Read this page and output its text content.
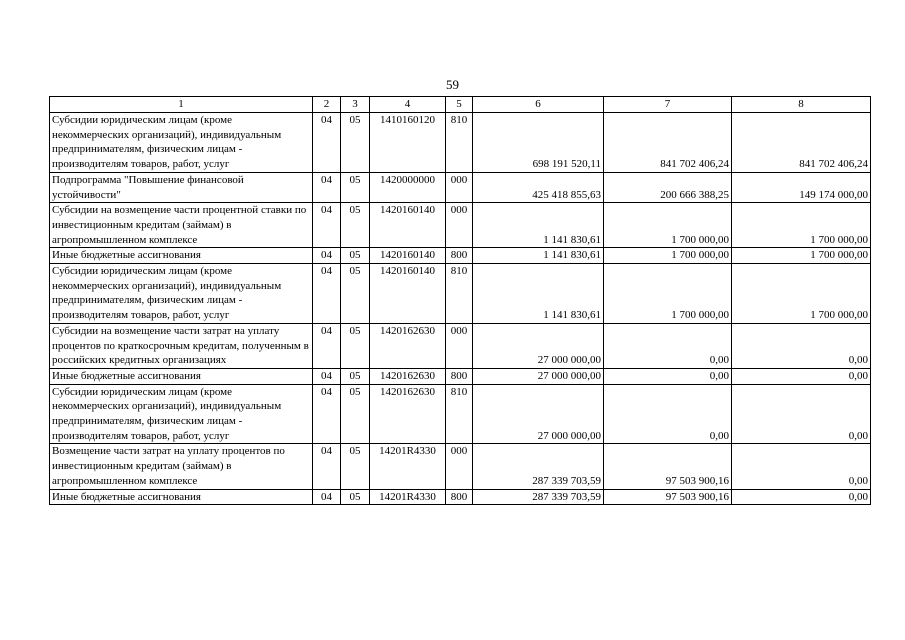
59
1	2	3	4	5	6	7	8
Субсидии юридическим лицам (кроме некоммерческих организаций), индивидуальным предпринимателям, физическим лицам - производителям товаров, работ, услуг	04	05	1410160120	810	698 191 520,11	841 702 406,24	841 702 406,24
Подпрограмма "Повышение финансовой устойчивости"	04	05	1420000000	000	425 418 855,63	200 666 388,25	149 174 000,00
Субсидии на возмещение части процентной ставки по инвестиционным кредитам (займам) в агропромышленном комплексе	04	05	1420160140	000	1 141 830,61	1 700 000,00	1 700 000,00
Иные бюджетные ассигнования	04	05	1420160140	800	1 141 830,61	1 700 000,00	1 700 000,00
Субсидии юридическим лицам (кроме некоммерческих организаций), индивидуальным предпринимателям, физическим лицам - производителям товаров, работ, услуг	04	05	1420160140	810	1 141 830,61	1 700 000,00	1 700 000,00
Субсидии на возмещение части затрат на уплату процентов по краткосрочным кредитам, полученным в российских кредитных организациях	04	05	1420162630	000	27 000 000,00	0,00	0,00
Иные бюджетные ассигнования	04	05	1420162630	800	27 000 000,00	0,00	0,00
Субсидии юридическим лицам (кроме некоммерческих организаций), индивидуальным предпринимателям, физическим лицам - производителям товаров, работ, услуг	04	05	1420162630	810	27 000 000,00	0,00	0,00
Возмещение части затрат на уплату процентов по инвестиционным кредитам (займам) в агропромышленном комплексе	04	05	14201R4330	000	287 339 703,59	97 503 900,16	0,00
Иные бюджетные ассигнования	04	05	14201R4330	800	287 339 703,59	97 503 900,16	0,00
